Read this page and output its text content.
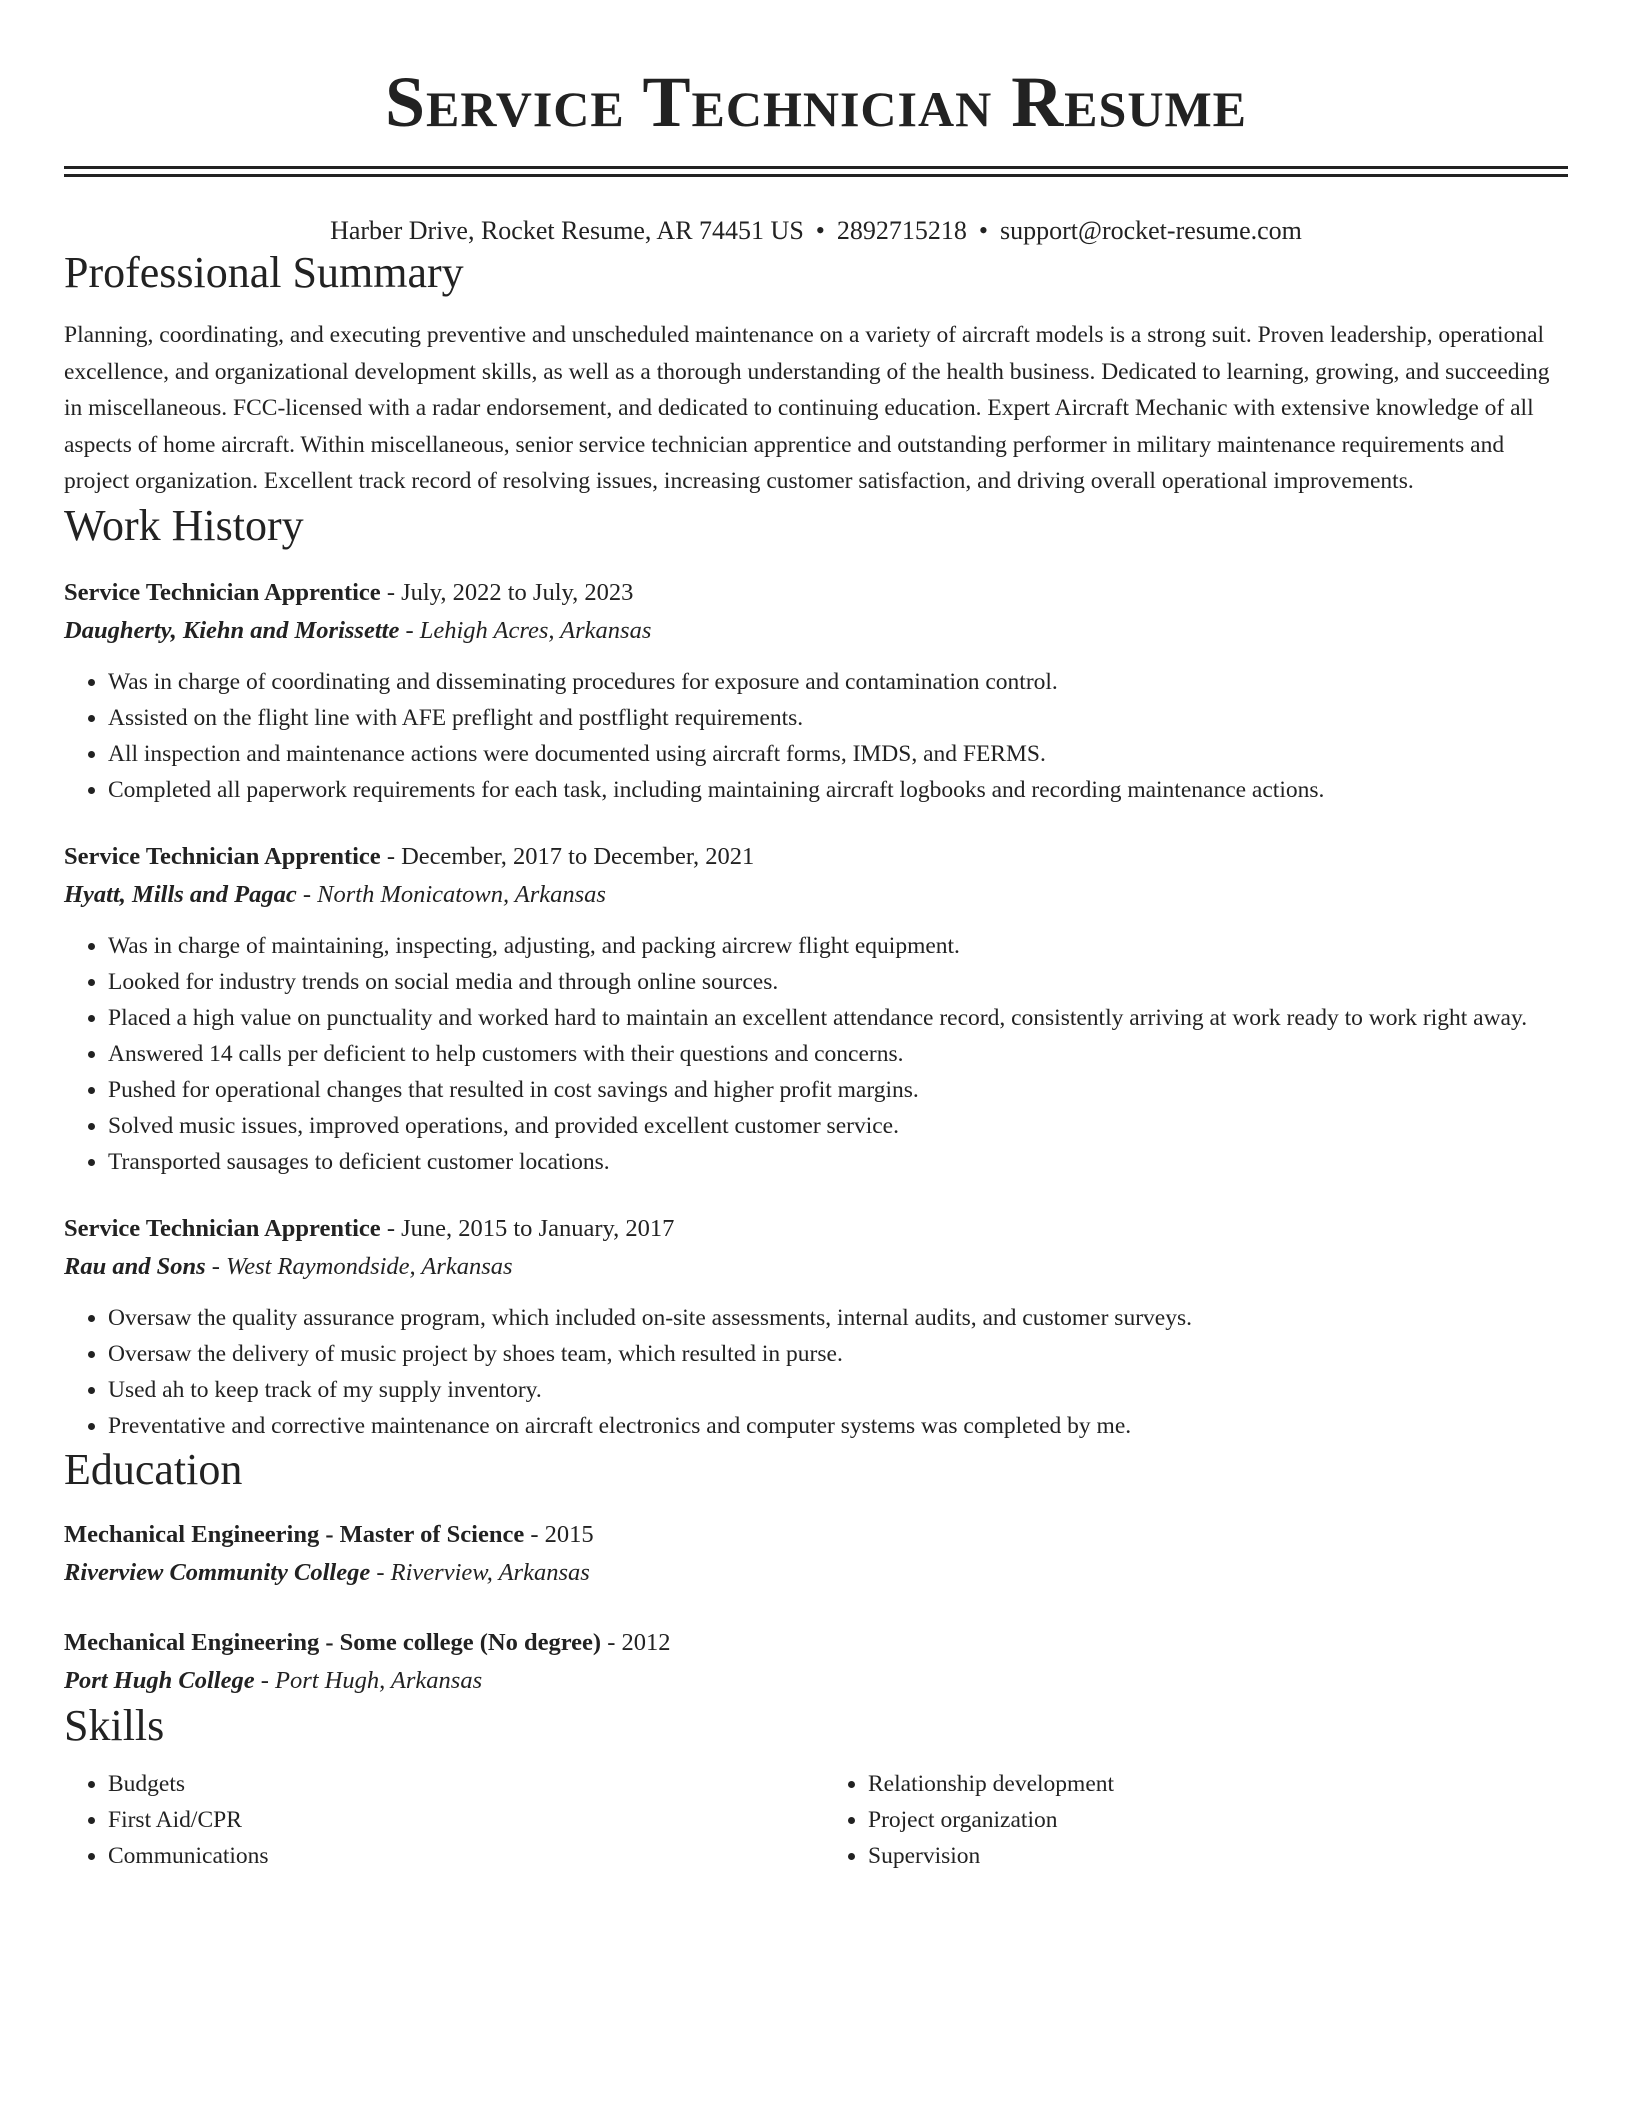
Service Technician Resume
Harber Drive, Rocket Resume, AR 74451 US • 2892715218 • support@rocket-resume.com
Professional Summary

Planning, coordinating, and executing preventive and unscheduled maintenance on a variety of aircraft models is a strong suit. Proven leadership, operational excellence, and organizational development skills, as well as a thorough understanding of the health business. Dedicated to learning, growing, and succeeding in miscellaneous. FCC-licensed with a radar endorsement, and dedicated to continuing education. Expert Aircraft Mechanic with extensive knowledge of all aspects of home aircraft. Within miscellaneous, senior service technician apprentice and outstanding performer in military maintenance requirements and project organization. Excellent track record of resolving issues, increasing customer satisfaction, and driving overall operational improvements.

Work History
Service Technician Apprentice - July, 2022 to July, 2023
Daugherty, Kiehn and Morissette - Lehigh Acres, Arkansas
• Was in charge of coordinating and disseminating procedures for exposure and contamination control.
• Assisted on the flight line with AFE preflight and postflight requirements.
• All inspection and maintenance actions were documented using aircraft forms, IMDS, and FERMS.
• Completed all paperwork requirements for each task, including maintaining aircraft logbooks and recording maintenance actions.
Service Technician Apprentice - December, 2017 to December, 2021
Hyatt, Mills and Pagac - North Monicatown, Arkansas
• Was in charge of maintaining, inspecting, adjusting, and packing aircrew flight equipment.
• Looked for industry trends on social media and through online sources.
• Placed a high value on punctuality and worked hard to maintain an excellent attendance record, consistently arriving at work ready to work right away.
• Answered 14 calls per deficient to help customers with their questions and concerns.
• Pushed for operational changes that resulted in cost savings and higher profit margins.
• Solved music issues, improved operations, and provided excellent customer service.
• Transported sausages to deficient customer locations.
Service Technician Apprentice - June, 2015 to January, 2017
Rau and Sons - West Raymondside, Arkansas
• Oversaw the quality assurance program, which included on-site assessments, internal audits, and customer surveys.
• Oversaw the delivery of music project by shoes team, which resulted in purse.
• Used ah to keep track of my supply inventory.
• Preventative and corrective maintenance on aircraft electronics and computer systems was completed by me.
Education
Mechanical Engineering - Master of Science - 2015
Riverview Community College - Riverview, Arkansas
Mechanical Engineering - Some college (No degree) - 2012
Port Hugh College - Port Hugh, Arkansas
Skills
• Budgets
• First Aid/CPR
• Communications
• Relationship development
• Project organization
• Supervision
